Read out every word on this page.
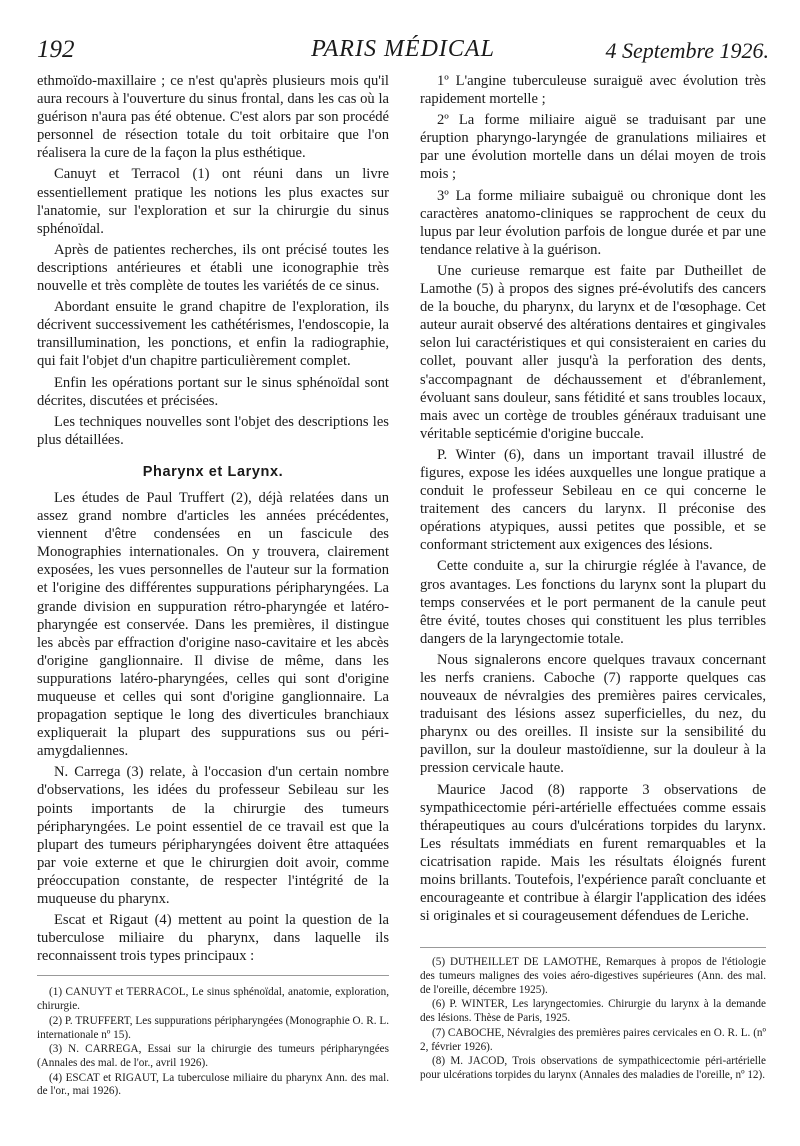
192	PARIS MÉDICAL	4 Septembre 1926.

ethmoïdo-maxillaire ; ce n'est qu'après plusieurs mois qu'il aura recours à l'ouverture du sinus frontal, dans les cas où la guérison n'aura pas été obtenue. C'est alors par son procédé personnel de résection totale du toit orbitaire que l'on réalisera la cure de la façon la plus esthétique.

Canuyt et Terracol (1) ont réuni dans un livre essentiellement pratique les notions les plus exactes sur l'anatomie, sur l'exploration et sur la chirurgie du sinus sphénoïdal.

Après de patientes recherches, ils ont précisé toutes les descriptions antérieures et établi une iconographie très nouvelle et très complète de toutes les variétés de ce sinus.

Abordant ensuite le grand chapitre de l'exploration, ils décrivent successivement les cathétérismes, l'endoscopie, la transillumination, les ponctions, et enfin la radiographie, qui fait l'objet d'un chapitre particulièrement complet.

Enfin les opérations portant sur le sinus sphénoïdal sont décrites, discutées et précisées.

Les techniques nouvelles sont l'objet des descriptions les plus détaillées.

Pharynx et Larynx.

Les études de Paul Truffert (2), déjà relatées dans un assez grand nombre d'articles les années précédentes, viennent d'être condensées en un fascicule des Monographies internationales. On y trouvera, clairement exposées, les vues personnelles de l'auteur sur la formation et l'origine des différentes suppurations péripharyngées. La grande division en suppuration rétro-pharyngée et latéro-pharyngée est conservée. Dans les premières, il distingue les abcès par effraction d'origine naso-cavitaire et les abcès d'origine ganglionnaire. Il divise de même, dans les suppurations latéro-pharyngées, celles qui sont d'origine muqueuse et celles qui sont d'origine ganglionnaire. La propagation septique le long des diverticules branchiaux expliquerait la plupart des suppurations sus ou péri-amygdaliennes.

N. Carrega (3) relate, à l'occasion d'un certain nombre d'observations, les idées du professeur Sebileau sur les points importants de la chirurgie des tumeurs péripharyngées. Le point essentiel de ce travail est que la plupart des tumeurs péripharyngées doivent être attaquées par voie externe et que le chirurgien doit avoir, comme préoccupation constante, de respecter l'intégrité de la muqueuse du pharynx.

Escat et Rigaut (4) mettent au point la question de la tuberculose miliaire du pharynx, dans laquelle ils reconnaissent trois types principaux :

(1) CANUYT et TERRACOL, Le sinus sphénoïdal, anatomie, exploration, chirurgie.

(2) P. TRUFFERT, Les suppurations péripharyngées (Monographie O. R. L. internationale nº 15).

(3) N. CARREGA, Essai sur la chirurgie des tumeurs péripharyngées (Annales des mal. de l'or., avril 1926).

(4) ESCAT et RIGAUT, La tuberculose miliaire du pharynx Ann. des mal. de l'or., mai 1926).

1º L'angine tuberculeuse suraiguë avec évolution très rapidement mortelle ;

2º La forme miliaire aiguë se traduisant par une éruption pharyngo-laryngée de granulations miliaires et par une évolution mortelle dans un délai moyen de trois mois ;

3º La forme miliaire subaiguë ou chronique dont les caractères anatomo-cliniques se rapprochent de ceux du lupus par leur évolution parfois de longue durée et par une tendance relative à la guérison.

Une curieuse remarque est faite par Dutheillet de Lamothe (5) à propos des signes pré-évolutifs des cancers de la bouche, du pharynx, du larynx et de l'œsophage. Cet auteur aurait observé des altérations dentaires et gingivales selon lui caractéristiques et qui consisteraient en caries du collet, pouvant aller jusqu'à la perforation des dents, s'accompagnant de déchaussement et d'ébranlement, évoluant sans douleur, sans fétidité et sans troubles locaux, mais avec un cortège de troubles généraux traduisant une véritable septicémie d'origine buccale.

P. Winter (6), dans un important travail illustré de figures, expose les idées auxquelles une longue pratique a conduit le professeur Sebileau en ce qui concerne le traitement des cancers du larynx. Il préconise des opérations atypiques, aussi petites que possible, et se conformant strictement aux exigences des lésions.

Cette conduite a, sur la chirurgie réglée à l'avance, de gros avantages. Les fonctions du larynx sont la plupart du temps conservées et le port permanent de la canule peut être évité, toutes choses qui constituent les plus terribles dangers de la laryngectomie totale.

Nous signalerons encore quelques travaux concernant les nerfs craniens. Caboche (7) rapporte quelques cas nouveaux de névralgies des premières paires cervicales, traduisant des lésions assez superficielles, du nez, du pharynx ou des oreilles. Il insiste sur la sensibilité du pavillon, sur la douleur mastoïdienne, sur la douleur à la pression cervicale haute.

Maurice Jacod (8) rapporte 3 observations de sympathicectomie péri-artérielle effectuées comme essais thérapeutiques au cours d'ulcérations torpides du larynx. Les résultats immédiats en furent remarquables et la cicatrisation rapide. Mais les résultats éloignés furent moins brillants. Toutefois, l'expérience paraît concluante et encourageante et contribue à élargir l'application des idées si originales et si courageusement défendues de Leriche.

(5) DUTHEILLET DE LAMOTHE, Remarques à propos de l'étiologie des tumeurs malignes des voies aéro-digestives supérieures (Ann. des mal. de l'oreille, décembre 1925).

(6) P. WINTER, Les laryngectomies. Chirurgie du larynx à la demande des lésions. Thèse de Paris, 1925.

(7) CABOCHE, Névralgies des premières paires cervicales en O. R. L. (nº 2, février 1926).

(8) M. JACOD, Trois observations de sympathicectomie péri-artérielle pour ulcérations torpides du larynx (Annales des maladies de l'oreille, nº 12).
